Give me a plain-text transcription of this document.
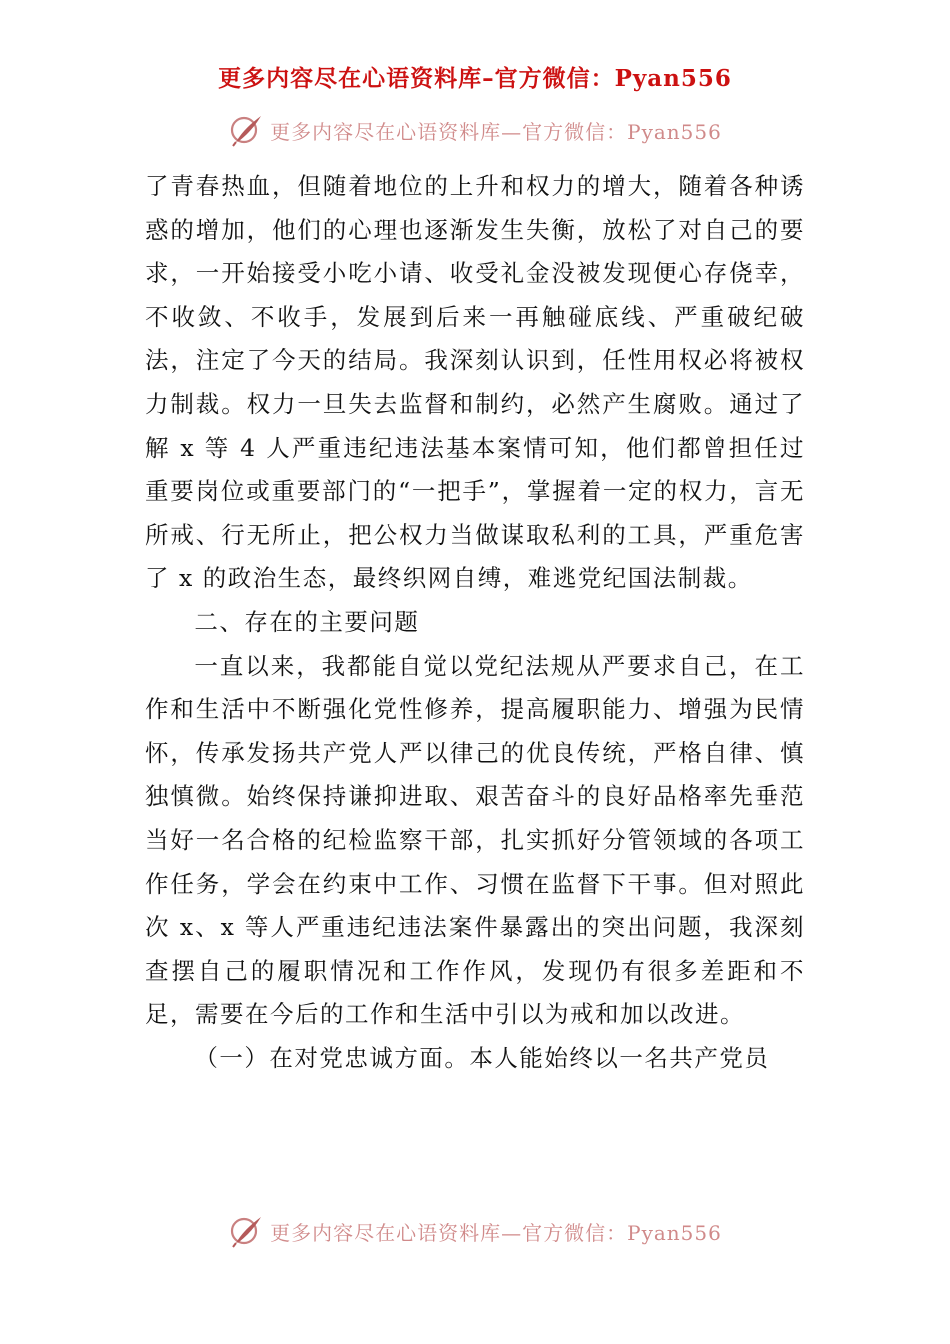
更多内容尽在心语资料库–官方微信：Pyan556
更多内容尽在心语资料库—官方微信：Pyan556

了青春热血，但随着地位的上升和权力的增大，随着各种诱惑的增加，他们的心理也逐渐发生失衡，放松了对自己的要求，一开始接受小吃小请、收受礼金没被发现便心存侥幸，不收敛、不收手，发展到后来一再触碰底线、严重破纪破法，注定了今天的结局。我深刻认识到，任性用权必将被权力制裁。权力一旦失去监督和制约，必然产生腐败。通过了解 x 等 4 人严重违纪违法基本案情可知，他们都曾担任过重要岗位或重要部门的“一把手”，掌握着一定的权力，言无所戒、行无所止，把公权力当做谋取私利的工具，严重危害了 x 的政治生态，最终织网自缚，难逃党纪国法制裁。

二、存在的主要问题

一直以来，我都能自觉以党纪法规从严要求自己，在工作和生活中不断强化党性修养，提高履职能力、增强为民情怀，传承发扬共产党人严以律己的优良传统，严格自律、慎独慎微。始终保持谦抑进取、艰苦奋斗的良好品格率先垂范当好一名合格的纪检监察干部，扎实抓好分管领域的各项工作任务，学会在约束中工作、习惯在监督下干事。但对照此次 x、x 等人严重违纪违法案件暴露出的突出问题，我深刻查摆自己的履职情况和工作作风，发现仍有很多差距和不足，需要在今后的工作和生活中引以为戒和加以改进。

（一）在对党忠诚方面。本人能始终以一名共产党员

更多内容尽在心语资料库—官方微信：Pyan556
